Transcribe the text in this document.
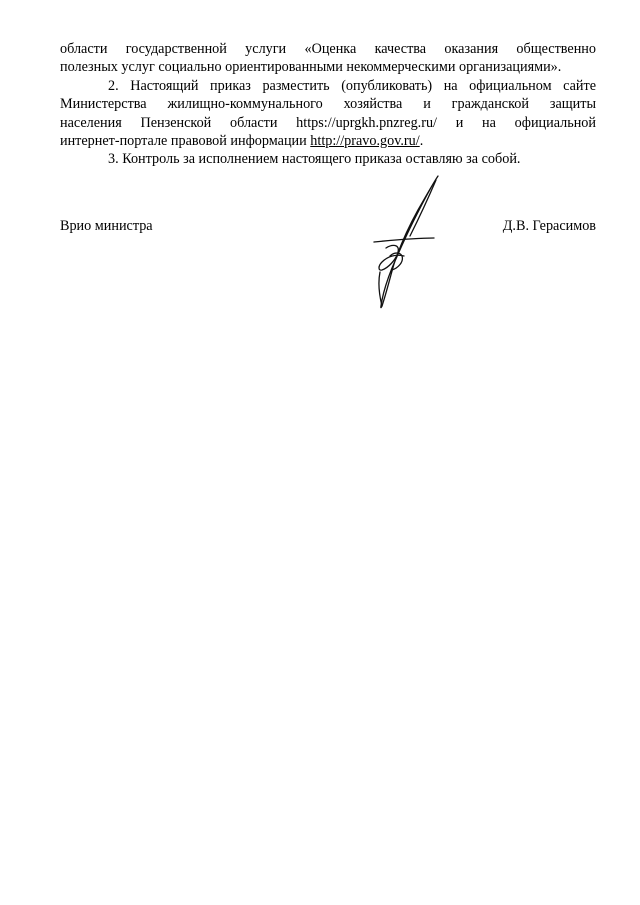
области государственной услуги «Оценка качества оказания общественно
полезных услуг социально ориентированными некоммерческими организациями».
2. Настоящий приказ разместить (опубликовать) на официальном сайте
Министерства жилищно-коммунального хозяйства и гражданской защиты
населения Пензенской области https://uprgkh.pnzreg.ru/ и на официальной
интернет-портале правовой информации http://pravo.gov.ru/.
3. Контроль за исполнением настоящего приказа оставляю за собой.
Врио министра	Д.В. Герасимов
